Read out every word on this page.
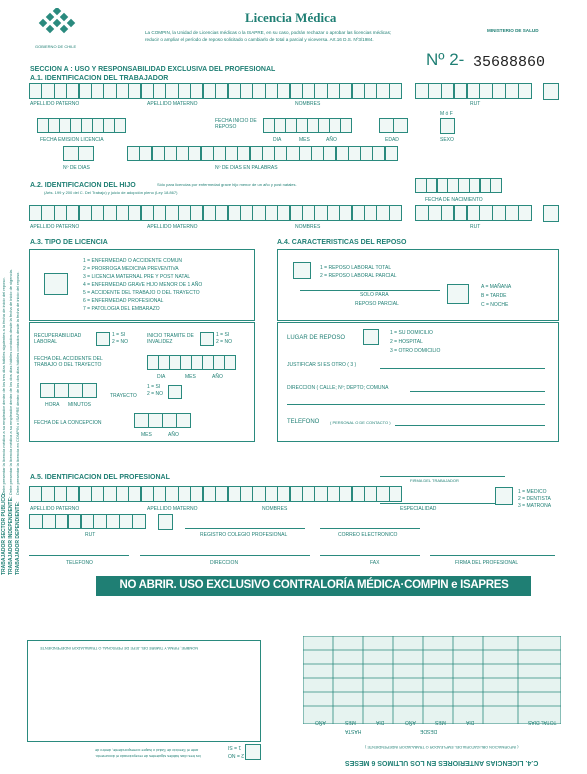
GOBIERNO DE CHILE
Licencia Médica
La COMPIN, la Unidad de Licencias médicas o la ISAPRE, en su caso, podrán rechazar o aprobar las licencias médicas;
reducir o ampliar el período de reposo solicitado o cambiarlo de total a parcial y viceversa. Art.16 D.S. Nº3/1984.
MINISTERIO DE SALUD
SECCION A : USO Y RESPONSABILIDAD EXCLUSIVA DEL PROFESIONAL
A.1. IDENTIFICACION DEL TRABAJADOR
Nº 2- 35688860
APELLIDO PATERNO	APELLIDO MATERNO	NOMBRES	RUT
FECHA EMISION LICENCIA
FECHA INICIO DE REPOSO
DIA	MES	AÑO	EDAD
M ó F
SEXO
Nº DE DIAS	Nº DE DIAS EN PALABRAS
A.2. IDENTIFICACION DEL HIJO	Sólo para licencias por enfermedad grave hijo menor de un año y post natales.
(Arts. 199 y 200 del C. Del Trabajo) y juicio de adopción pleno (Ley 18.867)
FECHA DE NACIMIENTO
APELLIDO PATERNO	APELLIDO MATERNO	NOMBRES	RUT
A.3. TIPO DE LICENCIA
1 = ENFERMEDAD O ACCIDENTE COMUN
2 = PRORROGA MEDICINA PREVENTIVA
3 = LICENCIA MATERNAL PRE Y POST NATAL
4 = ENFERMEDAD GRAVE HIJO MENOR DE 1 AÑO
5 = ACCIDENTE DEL TRABAJO O DEL TRAYECTO
6 = ENFERMEDAD PROFESIONAL
7 = PATOLOGIA DEL EMBARAZO
RECUPERABILIDAD LABORAL
1 = SI
2 = NO
INICIO TRAMITE DE INVALIDEZ
1 = SI
2 = NO
FECHA DEL ACCIDENTE DEL TRABAJO O DEL TRAYECTO
DIA	MES	AÑO
HORA MINUTOS
TRAYECTO
1 = SI
2 = NO
FECHA DE LA CONCEPCION
MES	AÑO
A.4. CARACTERISTICAS DEL REPOSO
1 = REPOSO LABORAL TOTAL
2 = REPOSO LABORAL PARCIAL
SOLO PARA
REPOSO PARCIAL
A = MAÑANA
B = TARDE
C = NOCHE
LUGAR DE REPOSO
1 = SU DOMICILIO
2 = HOSPITAL
3 = OTRO DOMICILIO
JUSTIFICAR SI ES OTRO ( 3 )
DIRECCION ( CALLE; Nº; DEPTO; COMUNA
TELEFONO	( PERSONAL O DE CONTACTO )
A.5. IDENTIFICACION DEL PROFESIONAL	FIRMA DEL TRABAJADOR
1 = MEDICO
2 = DENTISTA
3 = MATRONA
APELLIDO PATERNO	APELLIDO MATERNO	NOMBRES	ESPECIALIDAD
RUT	REGISTRO COLEGIO PROFESIONAL	CORREO ELECTRONICO
TELEFONO	DIRECCION	FAX	FIRMA DEL PROFESIONAL
NO ABRIR. USO EXCLUSIVO CONTRALORÍA MÉDICA·COMPIN e ISAPRES
NOMBRE, FIRMA Y TIMBRE DEL JEFE DE PERSONAL O TRABAJADOR INDEPENDIENTE
TOTAL DIAS
DESDE
HASTA
AÑO	MES	DIA	AÑO	MES	DIA
C.4. LICENCIAS ANTERIORES EN LOS ULTIMOS 6 MESES
( INFORMACION OBLIGATORIA DEL EMPLEADOR O TRABAJADOR INDEPENDIENTE )
ante el Servicio de Salud o Isapre correspondiente, dentro de
los tres días hábiles siguientes de recepcionado el documento.
1 = SI
2 = NO
TRABAJADOR SECTOR PUBLICO: TRABAJADOR INDEPENDIENTE: TRABAJADOR DEPENDIENTE:
Debe presentar la licencia médica a su empleador dentro de los tres días hábiles siguientes a la fecha de inicio del reposo. Debe presentar la licencia médica a su empleador dentro de los dos días hábiles contados desde la fecha de inicio de vigencia. Debe presentar la licencia en COMPIN o ISAPRE dentro de los dos días hábiles contados desde la fecha de inicio del reposo.
